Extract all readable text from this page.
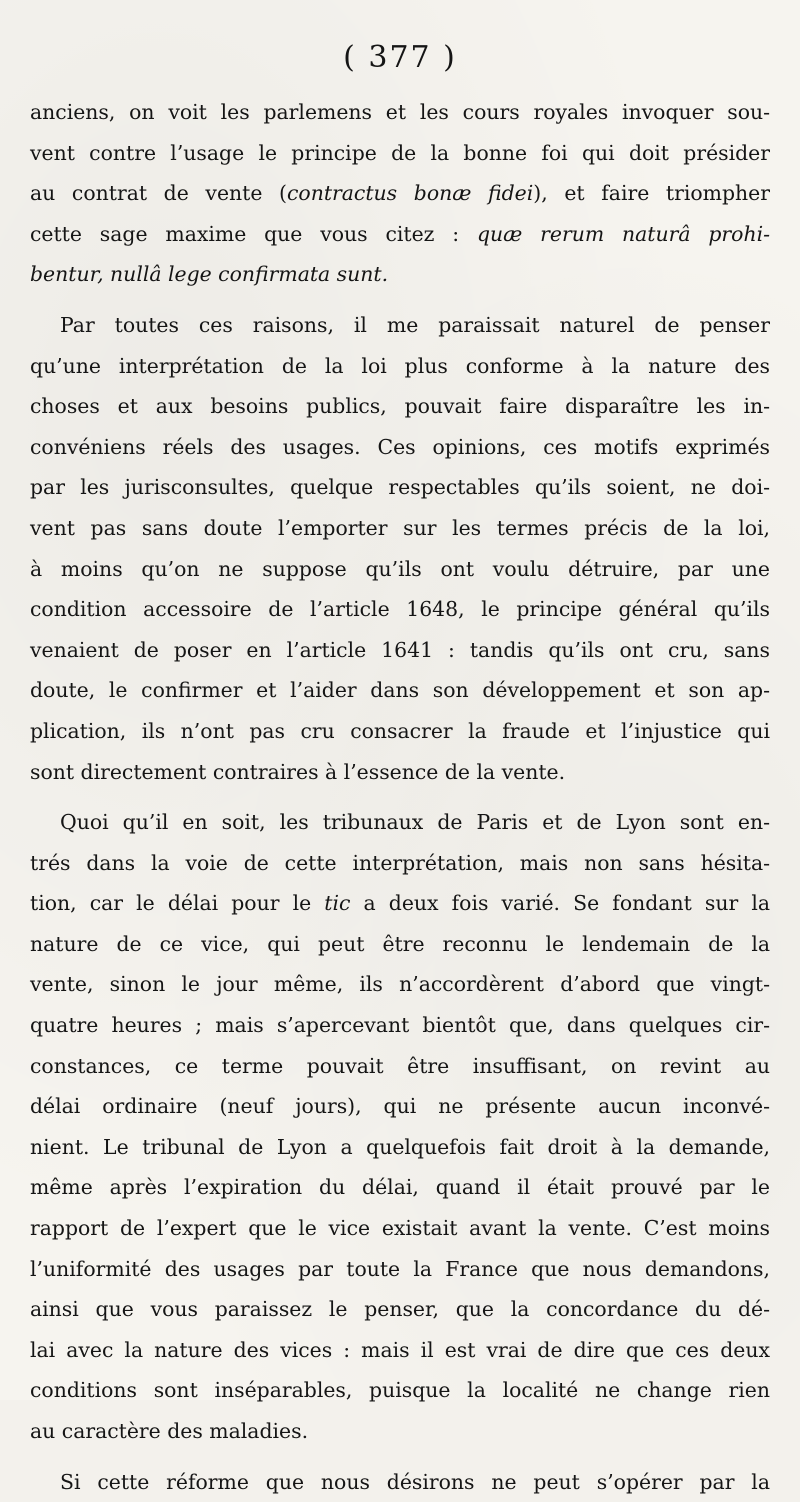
( 377 )
anciens, on voit les parlemens et les cours royales invoquer sou-
vent contre l’usage le principe de la bonne foi qui doit présider
au contrat de vente (contractus bonæ fidei), et faire triompher
cette sage maxime que vous citez : quæ rerum naturâ prohi-
bentur, nullâ lege confirmata sunt.
Par toutes ces raisons, il me paraissait naturel de penser
qu’une interprétation de la loi plus conforme à la nature des
choses et aux besoins publics, pouvait faire disparaître les in-
convéniens réels des usages. Ces opinions, ces motifs exprimés
par les jurisconsultes, quelque respectables qu’ils soient, ne doi-
vent pas sans doute l’emporter sur les termes précis de la loi,
à moins qu’on ne suppose qu’ils ont voulu détruire, par une
condition accessoire de l’article 1648, le principe général qu’ils
venaient de poser en l’article 1641 : tandis qu’ils ont cru, sans
doute, le confirmer et l’aider dans son développement et son ap-
plication, ils n’ont pas cru consacrer la fraude et l’injustice qui
sont directement contraires à l’essence de la vente.
Quoi qu’il en soit, les tribunaux de Paris et de Lyon sont en-
trés dans la voie de cette interprétation, mais non sans hésita-
tion, car le délai pour le tic a deux fois varié. Se fondant sur la
nature de ce vice, qui peut être reconnu le lendemain de la
vente, sinon le jour même, ils n’accordèrent d’abord que vingt-
quatre heures ; mais s’apercevant bientôt que, dans quelques cir-
constances, ce terme pouvait être insuffisant, on revint au
délai ordinaire (neuf jours), qui ne présente aucun inconvé-
nient. Le tribunal de Lyon a quelquefois fait droit à la demande,
même après l’expiration du délai, quand il était prouvé par le
rapport de l’expert que le vice existait avant la vente. C’est moins
l’uniformité des usages par toute la France que nous demandons,
ainsi que vous paraissez le penser, que la concordance du dé-
lai avec la nature des vices : mais il est vrai de dire que ces deux
conditions sont inséparables, puisque la localité ne change rien
au caractère des maladies.
Si cette réforme que nous désirons ne peut s’opérer par la
